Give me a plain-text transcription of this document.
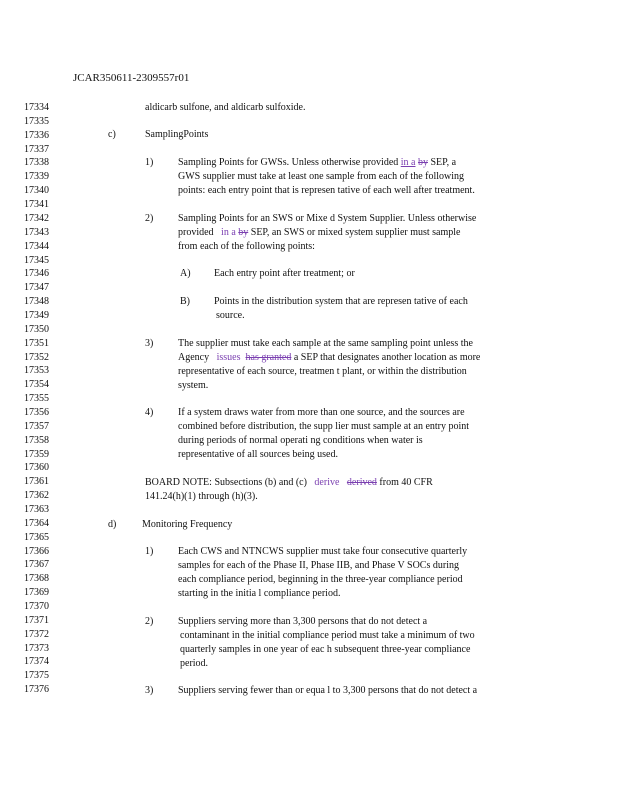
JCAR350611-2309557r01
17334
17335
17336
17337
17338
17339
17340
17341
17342
17343
17344
17345
17346
17347
17348
17349
17350
17351
17352
17353
17354
17355
17356
17357
17358
17359
17360
17361
17362
17363
17364
17365
17366
17367
17368
17369
17370
17371
17372
17373
17374
17375
17376
aldicarb sulfone, and aldicarb sulfoxide.
c)	SamplingPoints
1) Sampling Points for GWSs. Unless otherwise provided in a by SEP, a
GWS supplier must take at least one sample from each of the following
points: each entry point that is represen tative of each well after treatment.
2) Sampling Points for an SWS or Mixe d System Supplier. Unless otherwise
provided in a by SEP, an SWS or mixed system supplier must sample
from each of the following points:
A) Each entry point after treatment; or
B) Points in the distribution system that are represen tative of each
source.
3) The supplier must take each sample at the same sampling point unless the
Agency issues has granted a SEP that designates another location as more
representative of each source, treatmen t plant, or within the distribution
system.
4) If a system draws water from more than one source, and the sources are
combined before distribution, the supp lier must sample at an entry point
during periods of normal operati ng conditions when water is
representative of all sources being used.
BOARD NOTE: Subsections (b) and (c) derive derived from 40 CFR
141.24(h)(1) through (h)(3).
d)	Monitoring Frequency
1) Each CWS and NTNCWS supplier must take four consecutive quarterly
samples for each of the Phase II, Phase IIB, and Phase V SOCs during
each compliance period, beginning in the three-year compliance period
starting in the initia l compliance period.
2) Suppliers serving more than 3,300 persons that do not detect a
contaminant in the initial compliance period must take a minimum of two
quarterly samples in one year of eac h subsequent three-year compliance
period.
3) Suppliers serving fewer than or equa l to 3,300 persons that do not detect a
